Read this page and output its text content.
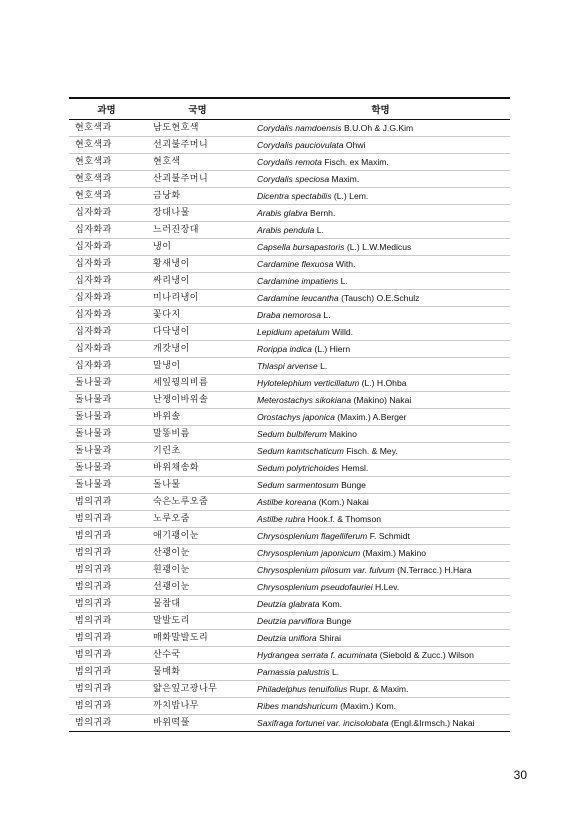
과명	국명	학명
현호색과	남도현호색	Corydalis namdoensis B.U.Oh & J.G.Kim
현호색과	선괴불주머니	Corydalis pauciovulata Ohwi
현호색과	현호색	Corydalis remota Fisch. ex Maxim.
현호색과	산괴불주머니	Corydalis speciosa Maxim.
현호색과	금낭화	Dicentra spectabilis (L.) Lem.
십자화과	장대나물	Arabis glabra Bernh.
십자화과	느러진장대	Arabis pendula L.
십자화과	냉이	Capsella bursapastoris (L.) L.W.Medicus
십자화과	황새냉이	Cardamine flexuosa With.
십자화과	싸리냉이	Cardamine impatiens L.
십자화과	미나리냉이	Cardamine leucantha (Tausch) O.E.Schulz
십자화과	꽃다지	Draba nemorosa L.
십자화과	다닥냉이	Lepidium apetalum Willd.
십자화과	개갓냉이	Rorippa indica (L.) Hiern
십자화과	말냉이	Thlaspi arvense L.
돌나물과	세잎꿩의비름	Hylotelephium verticillatum (L.) H.Ohba
돌나물과	난쟁이바위솔	Meterostachys sikokiana (Makino) Nakai
돌나물과	바위솔	Orostachys japonica (Maxim.) A.Berger
돌나물과	말똥비름	Sedum bulbiferum Makino
돌나물과	기린초	Sedum kamtschaticum Fisch. & Mey.
돌나물과	바위채송화	Sedum polytrichoides Hemsl.
돌나물과	돌나물	Sedum sarmentosum Bunge
범의귀과	숙은노루오줌	Astilbe koreana (Kom.) Nakai
범의귀과	노루오줌	Astilbe rubra Hook.f. & Thomson
범의귀과	애기괭이눈	Chrysosplenium flagelliferum F. Schmidt
범의귀과	산괭이눈	Chrysosplenium japonicum (Maxim.) Makino
범의귀과	흰괭이눈	Chrysosplenium pilosum var. fulvum (N.Terracc.) H.Hara
범의귀과	선괭이눈	Chrysosplenium pseudofauriei H.Lev.
범의귀과	물참대	Deutzia glabrata Kom.
범의귀과	말발도리	Deutzia parviflora Bunge
범의귀과	매화말발도리	Deutzia uniflora Shirai
범의귀과	산수국	Hydrangea serrata f. acuminata (Siebold & Zucc.) Wilson
범의귀과	물매화	Parnassia palustris L.
범의귀과	얇은잎고광나무	Philadelphus tenuifolius Rupr. & Maxim.
범의귀과	까치밥나무	Ribes mandshuricum (Maxim.) Kom.
범의귀과	바위떡풀	Saxifraga fortunei var. incisolobata (Engl.&Irmsch.) Nakai
30
